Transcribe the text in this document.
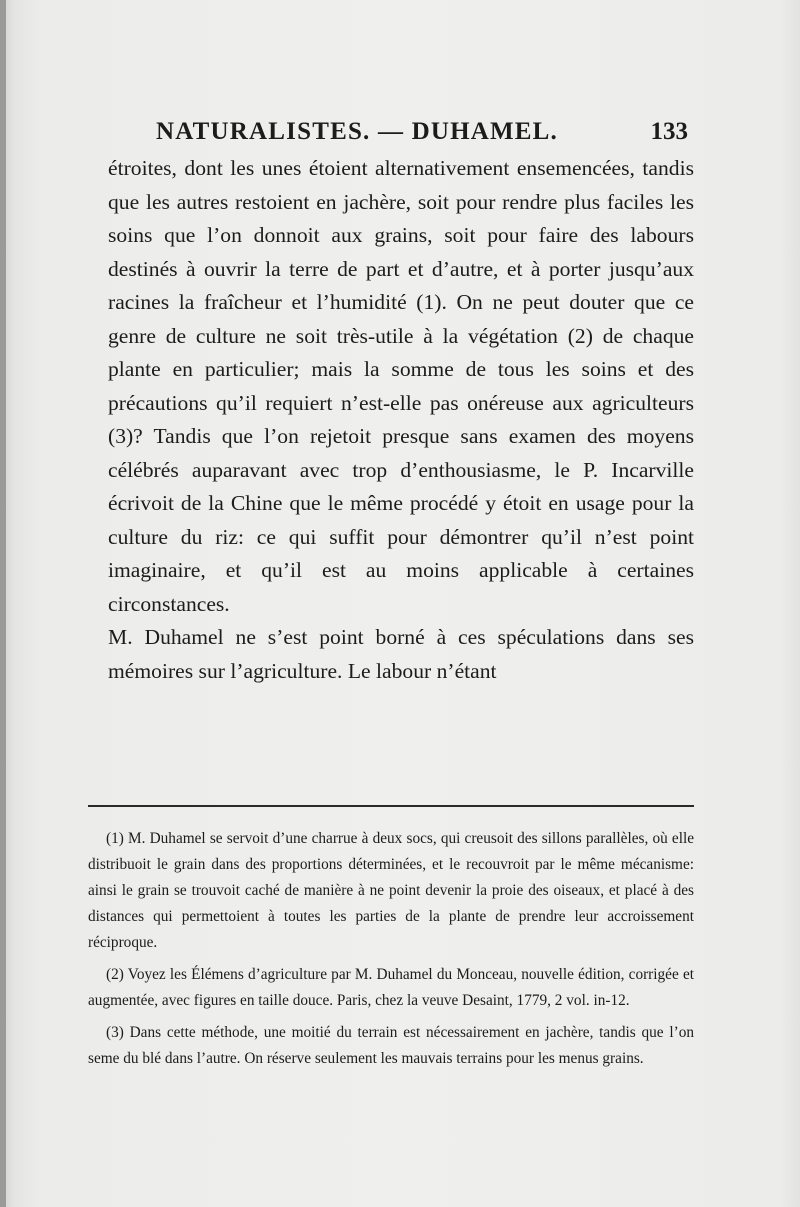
NATURALISTES. — DUHAMEL.	133

étroites, dont les unes étoient alternativement ensemencées, tandis que les autres restoient en jachère, soit pour rendre plus faciles les soins que l’on donnoit aux grains, soit pour faire des labours destinés à ouvrir la terre de part et d’autre, et à porter jusqu’aux racines la fraîcheur et l’humidité (1). On ne peut douter que ce genre de culture ne soit très-utile à la végétation (2) de chaque plante en particulier; mais la somme de tous les soins et des précautions qu’il requiert n’est-elle pas onéreuse aux agriculteurs (3)? Tandis que l’on rejetoit presque sans examen des moyens célébrés auparavant avec trop d’enthousiasme, le P. Incarville écrivoit de la Chine que le même procédé y étoit en usage pour la culture du riz: ce qui suffit pour démontrer qu’il n’est point imaginaire, et qu’il est au moins applicable à certaines circonstances.

M. Duhamel ne s’est point borné à ces spéculations dans ses mémoires sur l’agriculture. Le labour n’étant

(1) M. Duhamel se servoit d’une charrue à deux socs, qui creusoit des sillons parallèles, où elle distribuoit le grain dans des proportions déterminées, et le recouvroit par le même mécanisme: ainsi le grain se trouvoit caché de manière à ne point devenir la proie des oiseaux, et placé à des distances qui permettoient à toutes les parties de la plante de prendre leur accroissement réciproque.

(2) Voyez les Élémens d’agriculture par M. Duhamel du Monceau, nouvelle édition, corrigée et augmentée, avec figures en taille douce. Paris, chez la veuve Desaint, 1779, 2 vol. in-12.

(3) Dans cette méthode, une moitié du terrain est nécessairement en jachère, tandis que l’on seme du blé dans l’autre. On réserve seulement les mauvais terrains pour les menus grains.
